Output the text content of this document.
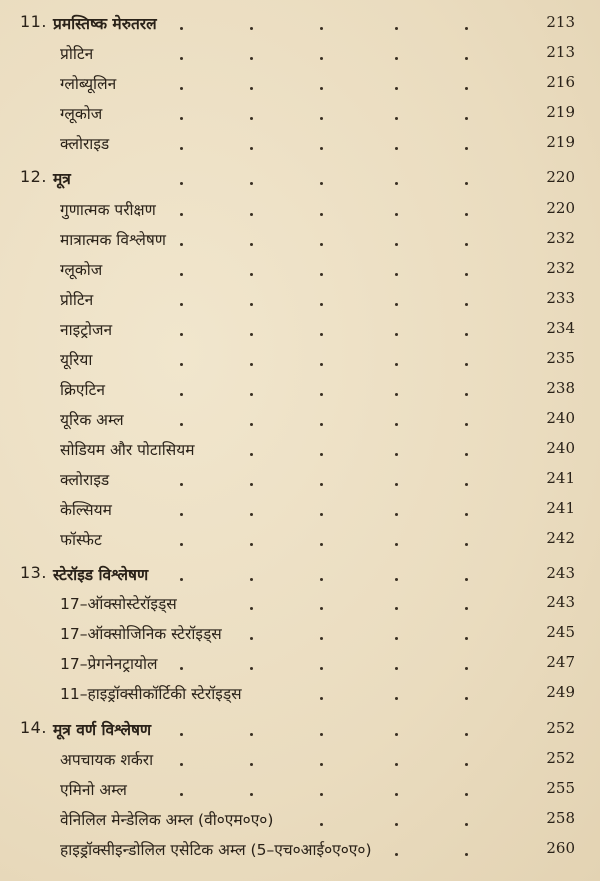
11. प्रमस्तिष्क मेरुतरल	213
प्रोटिन	213
ग्लोब्यूलिन	216
ग्लूकोज	219
क्लोराइड	219
12. मूत्र	220
गुणात्मक परीक्षण	220
मात्रात्मक विश्लेषण	232
ग्लूकोज	232
प्रोटिन	233
नाइट्रोजन	234
यूरिया	235
क्रिएटिन	238
यूरिक अम्ल	240
सोडियम और पोटासियम	240
क्लोराइड	241
केल्सियम	241
फॉस्फेट	242
13. स्टेरॉइड विश्लेषण	243
17–ऑक्सोस्टेरॉइड्स	243
17–ऑक्सोजिनिक स्टेरॉइड्स	245
17–प्रेगनेनट्रायोल	247
11–हाइड्रॉक्सीकॉर्टिकी स्टेरॉइड्स	249
14. मूत्र वर्ण विश्लेषण	252
अपचायक शर्करा	252
एमिनो अम्ल	255
वेनिलिल मेन्डेलिक अम्ल (वी०एम०ए०)	258
हाइड्रॉक्सीइन्डोलिल एसेटिक अम्ल (5–एच०आई०ए०ए०)	260
